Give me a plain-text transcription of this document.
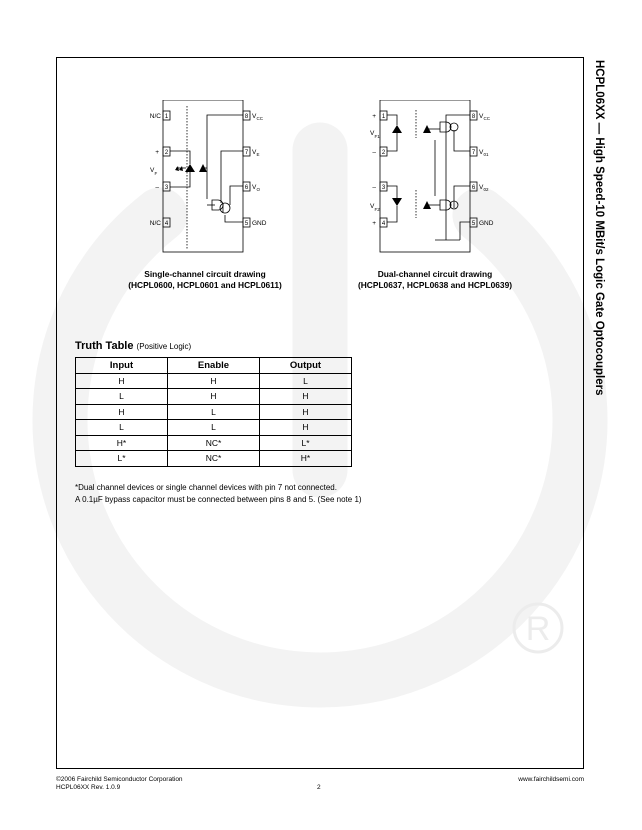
R
HCPL06XX — High Speed-10 MBit/s Logic Gate Optocouplers
N/C 1
+ 2
V F
– 3
N/C 4
8 V CC
7 V E
6 V O
5 GND
Single-channel circuit drawing
(HCPL0600, HCPL0601 and HCPL0611)
+ 1
V F1
– 2
– 3
V F2
+ 4
8 V CC
7 V 01
6 V 02
5 GND
Dual-channel circuit drawing
(HCPL0637, HCPL0638 and HCPL0639)
Truth Table (Positive Logic)
Input	Enable	Output
H	H	L
L	H	H
H	L	H
L	L	H
H*	NC*	L*
L*	NC*	H*
*Dual channel devices or single channel devices with pin 7 not connected.
A 0.1µF bypass capacitor must be connected between pins 8 and 5. (See note 1)
©2006 Fairchild Semiconductor Corporation
HCPL06XX Rev. 1.0.9	2
www.fairchildsemi.com
